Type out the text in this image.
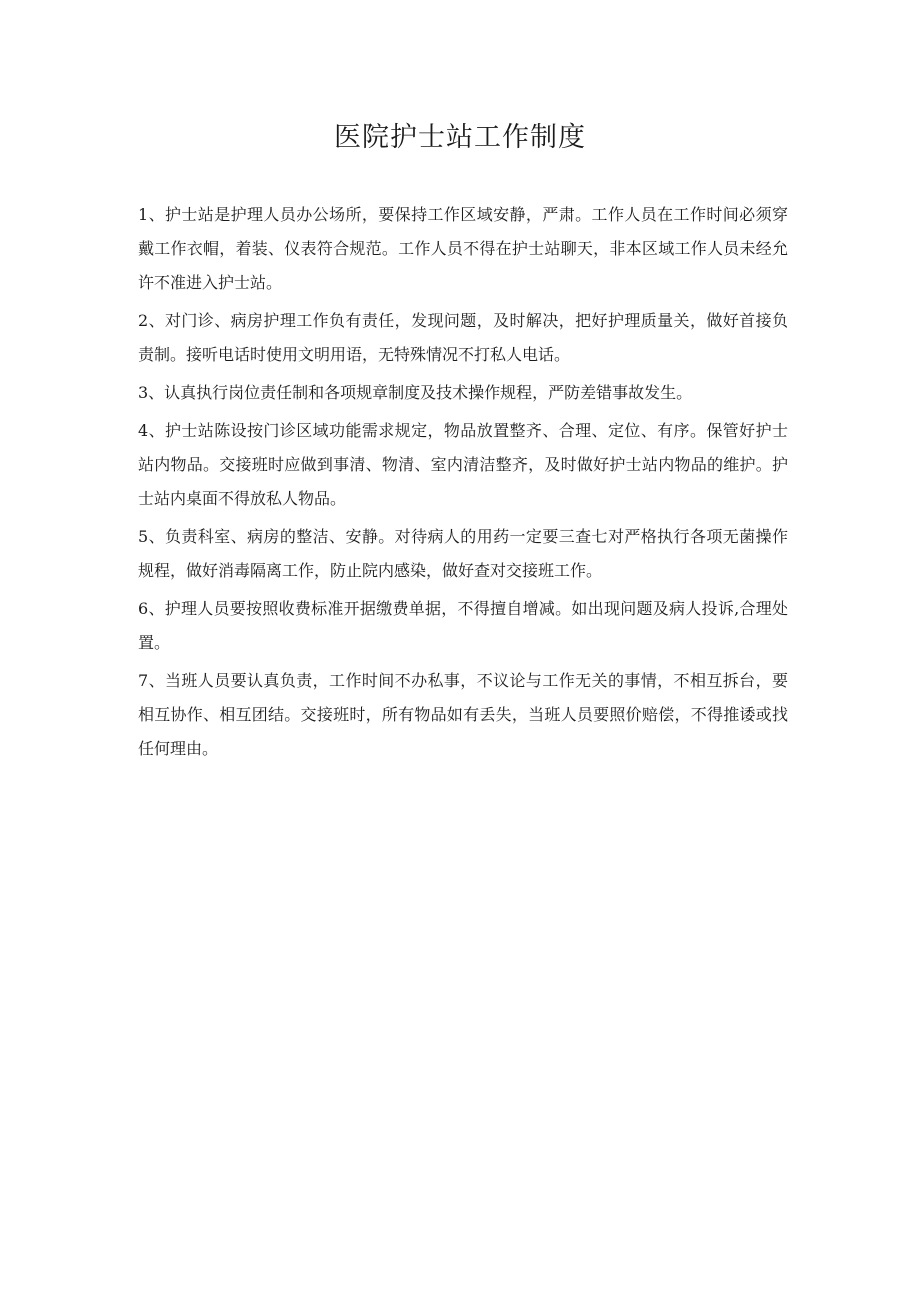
医院护士站工作制度

1、护士站是护理人员办公场所，要保持工作区域安静，严肃。工作人员在工作时间必须穿戴工作衣帽，着装、仪表符合规范。工作人员不得在护士站聊天，非本区域工作人员未经允许不准进入护士站。

2、对门诊、病房护理工作负有责任，发现问题，及时解决，把好护理质量关，做好首接负责制。接听电话时使用文明用语，无特殊情况不打私人电话。

3、认真执行岗位责任制和各项规章制度及技术操作规程，严防差错事故发生。

4、护士站陈设按门诊区域功能需求规定，物品放置整齐、合理、定位、有序。保管好护士站内物品。交接班时应做到事清、物清、室内清洁整齐，及时做好护士站内物品的维护。护士站内桌面不得放私人物品。

5、负责科室、病房的整洁、安静。对待病人的用药一定要三查七对严格执行各项无菌操作规程，做好消毒隔离工作，防止院内感染，做好查对交接班工作。

6、护理人员要按照收费标准开据缴费单据，不得擅自增减。如出现问题及病人投诉,合理处置。

7、当班人员要认真负责，工作时间不办私事，不议论与工作无关的事情，不相互拆台，要相互协作、相互团结。交接班时，所有物品如有丢失，当班人员要照价赔偿，不得推诿或找任何理由。
